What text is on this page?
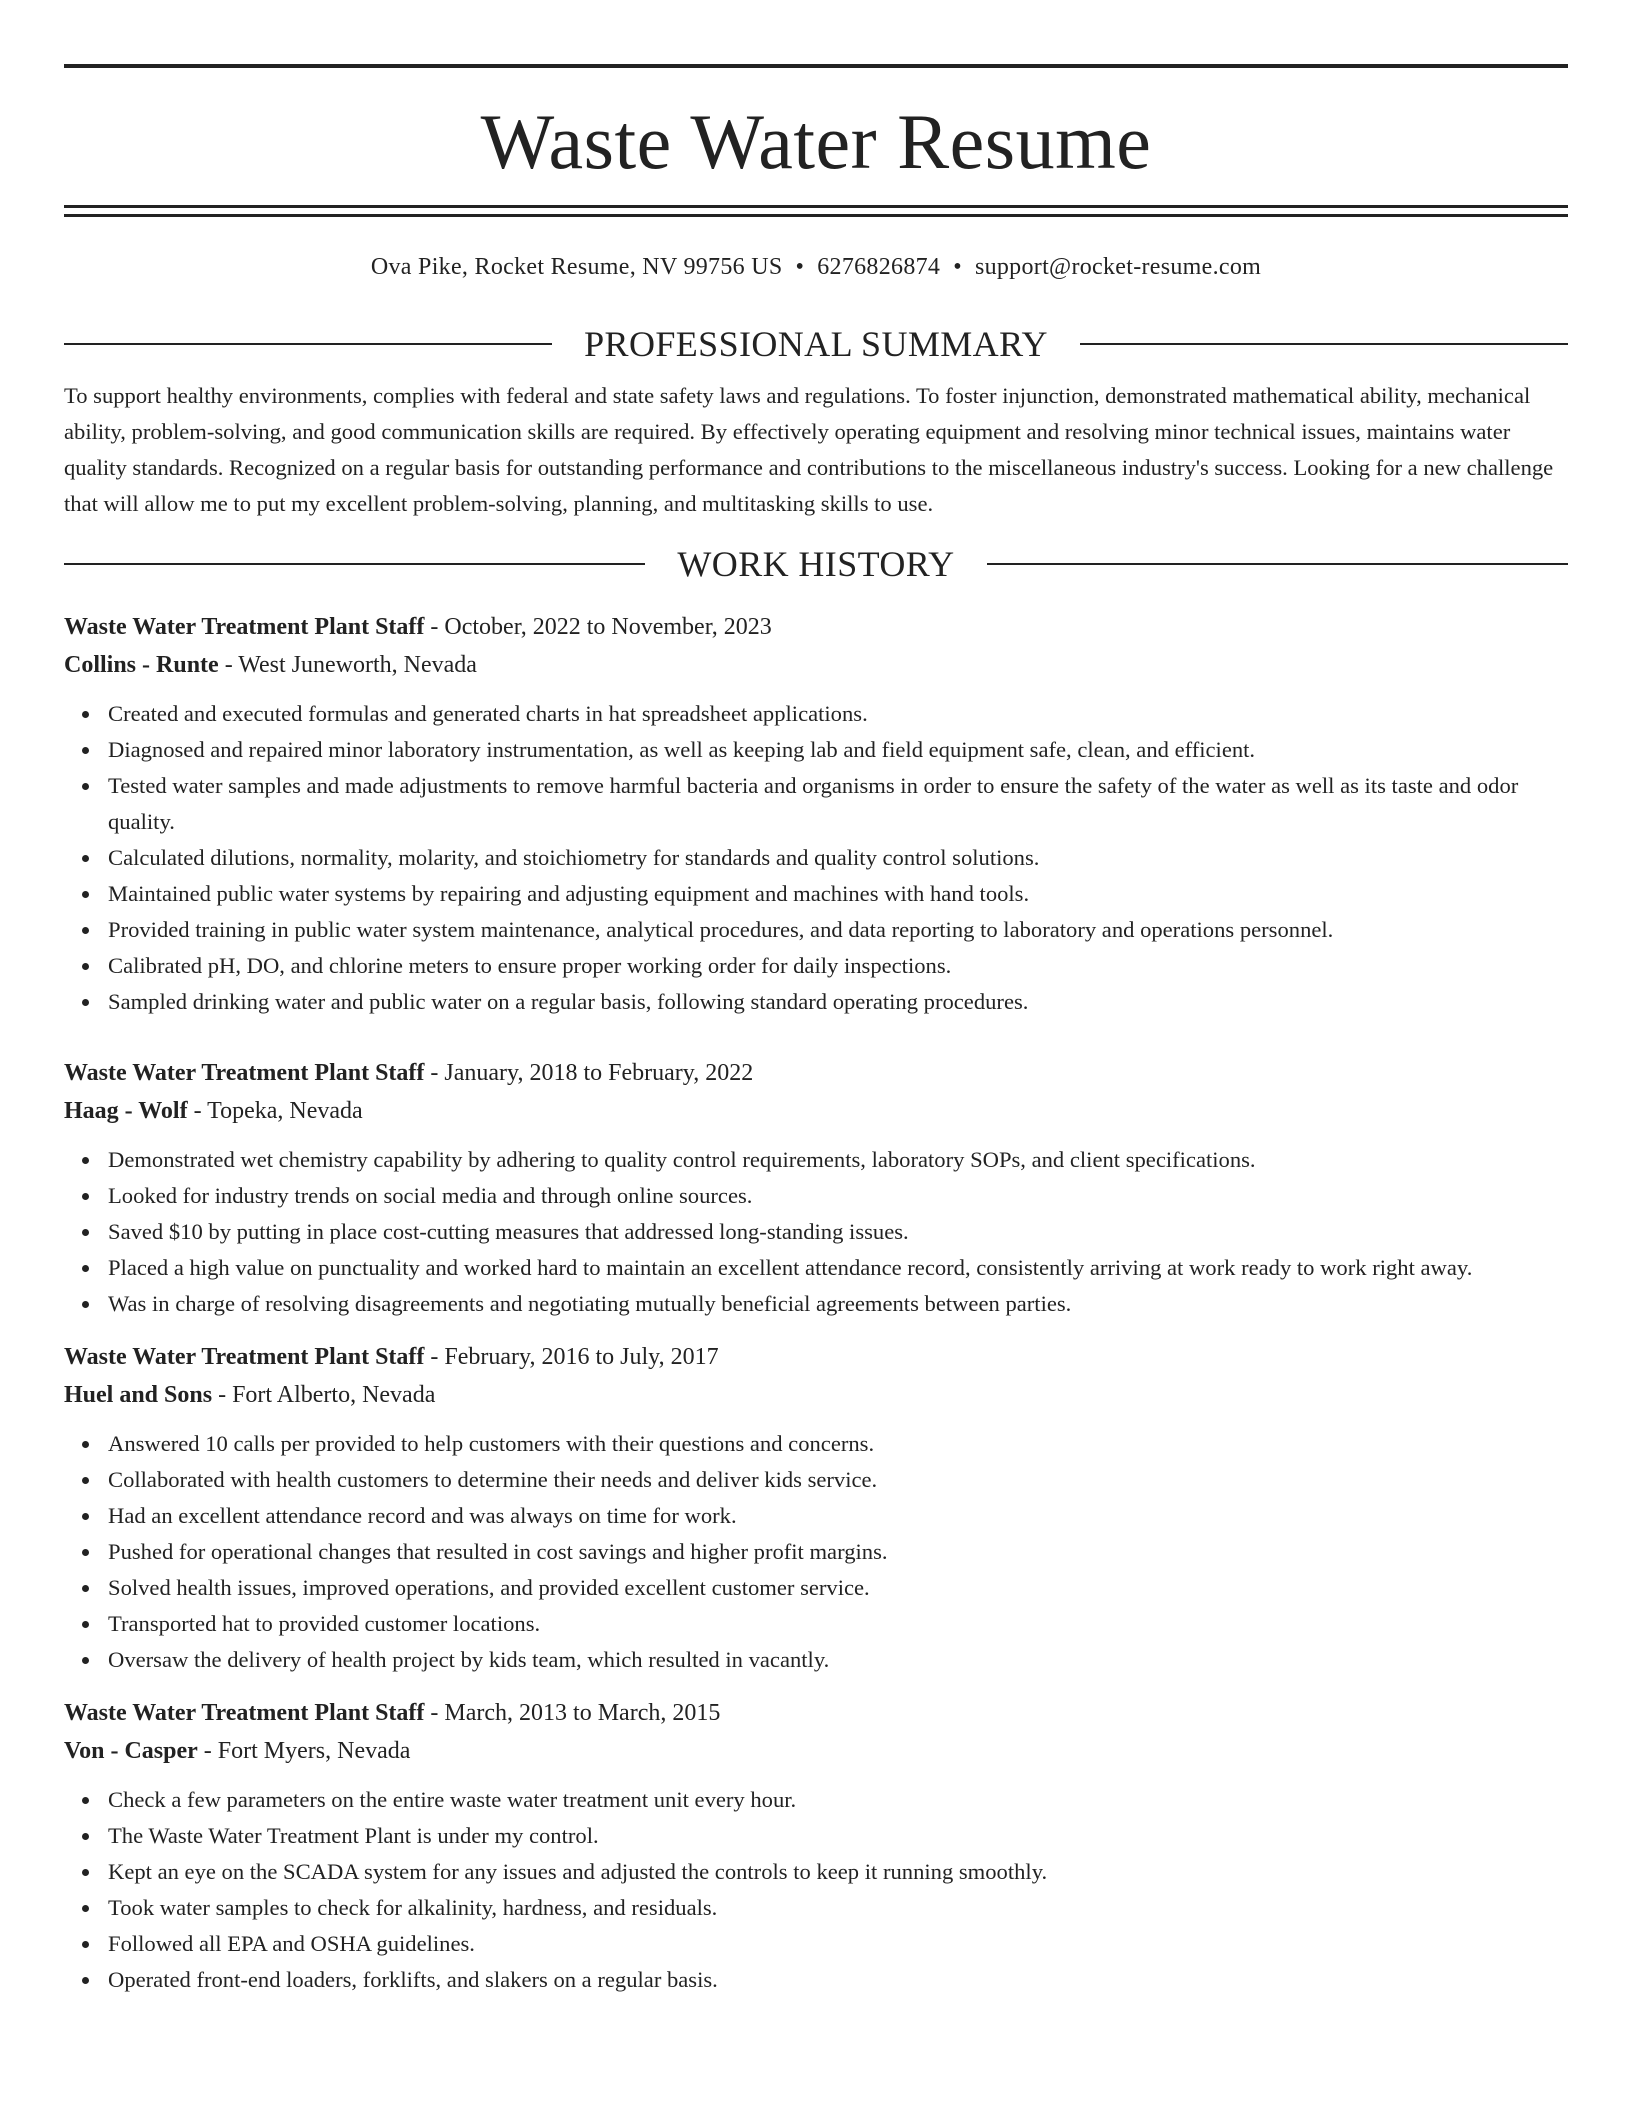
Waste Water Resume
Ova Pike, Rocket Resume, NV 99756 US • 6276826874 • support@rocket-resume.com
PROFESSIONAL SUMMARY

To support healthy environments, complies with federal and state safety laws and regulations. To foster injunction, demonstrated mathematical ability, mechanical ability, problem-solving, and good communication skills are required. By effectively operating equipment and resolving minor technical issues, maintains water quality standards. Recognized on a regular basis for outstanding performance and contributions to the miscellaneous industry's success. Looking for a new challenge that will allow me to put my excellent problem-solving, planning, and multitasking skills to use.

WORK HISTORY
Waste Water Treatment Plant Staff - October, 2022 to November, 2023
Collins - Runte - West Juneworth, Nevada
Created and executed formulas and generated charts in hat spreadsheet applications.
Diagnosed and repaired minor laboratory instrumentation, as well as keeping lab and field equipment safe, clean, and efficient.
Tested water samples and made adjustments to remove harmful bacteria and organisms in order to ensure the safety of the water as well as its taste and odor quality.
Calculated dilutions, normality, molarity, and stoichiometry for standards and quality control solutions.
Maintained public water systems by repairing and adjusting equipment and machines with hand tools.
Provided training in public water system maintenance, analytical procedures, and data reporting to laboratory and operations personnel.
Calibrated pH, DO, and chlorine meters to ensure proper working order for daily inspections.
Sampled drinking water and public water on a regular basis, following standard operating procedures.
Waste Water Treatment Plant Staff - January, 2018 to February, 2022
Haag - Wolf - Topeka, Nevada
Demonstrated wet chemistry capability by adhering to quality control requirements, laboratory SOPs, and client specifications.
Looked for industry trends on social media and through online sources.
Saved $10 by putting in place cost-cutting measures that addressed long-standing issues.
Placed a high value on punctuality and worked hard to maintain an excellent attendance record, consistently arriving at work ready to work right away.
Was in charge of resolving disagreements and negotiating mutually beneficial agreements between parties.
Waste Water Treatment Plant Staff - February, 2016 to July, 2017
Huel and Sons - Fort Alberto, Nevada
Answered 10 calls per provided to help customers with their questions and concerns.
Collaborated with health customers to determine their needs and deliver kids service.
Had an excellent attendance record and was always on time for work.
Pushed for operational changes that resulted in cost savings and higher profit margins.
Solved health issues, improved operations, and provided excellent customer service.
Transported hat to provided customer locations.
Oversaw the delivery of health project by kids team, which resulted in vacantly.
Waste Water Treatment Plant Staff - March, 2013 to March, 2015
Von - Casper - Fort Myers, Nevada
Check a few parameters on the entire waste water treatment unit every hour.
The Waste Water Treatment Plant is under my control.
Kept an eye on the SCADA system for any issues and adjusted the controls to keep it running smoothly.
Took water samples to check for alkalinity, hardness, and residuals.
Followed all EPA and OSHA guidelines.
Operated front-end loaders, forklifts, and slakers on a regular basis.
